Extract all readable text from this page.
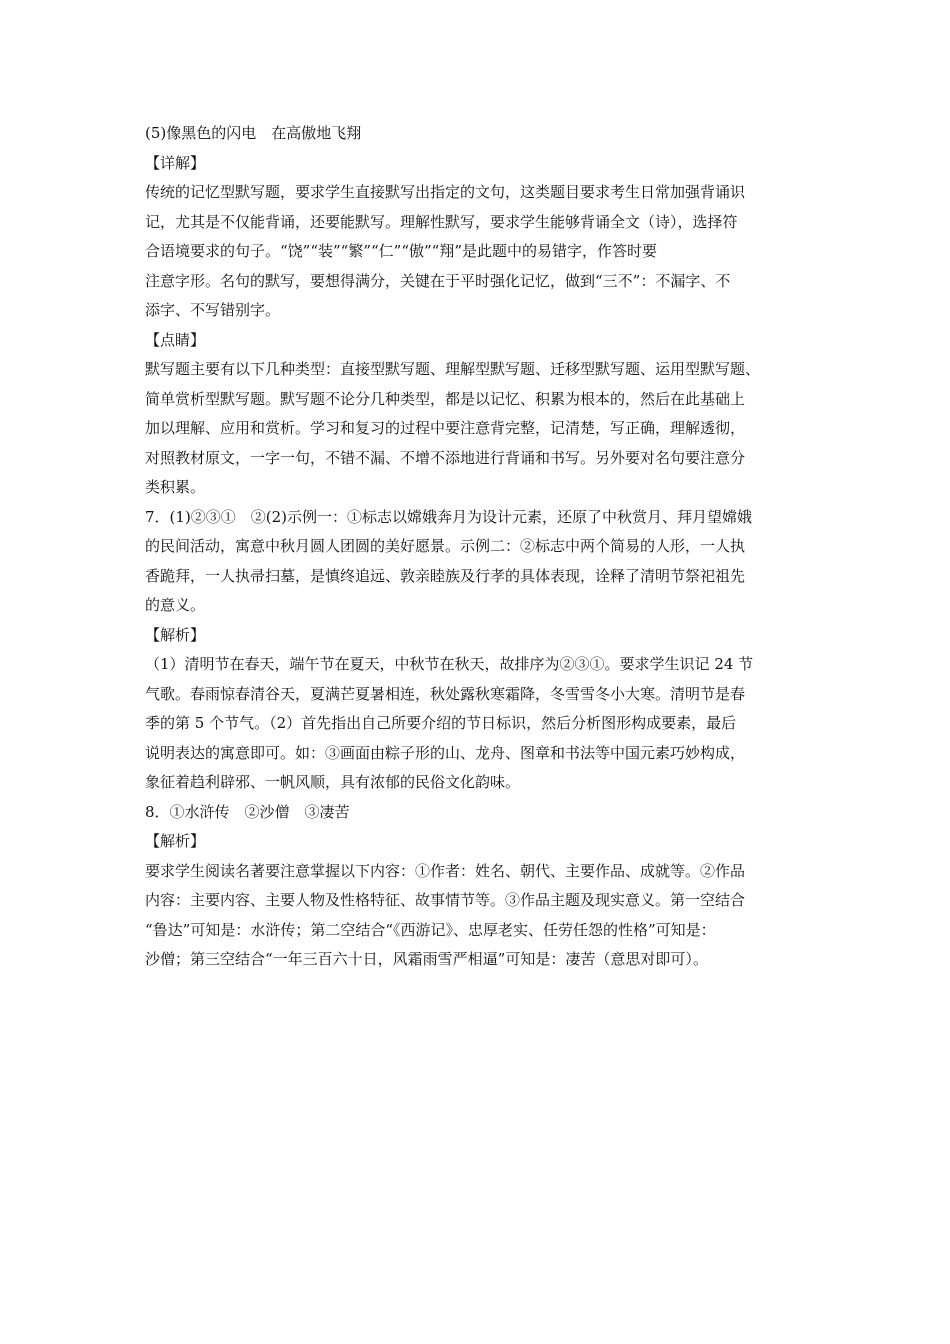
(5)像黑色的闪电　在高傲地飞翔
【详解】
传统的记忆型默写题，要求学生直接默写出指定的文句，这类题目要求考生日常加强背诵识
记，尤其是不仅能背诵，还要能默写。理解性默写，要求学生能够背诵全文（诗），选择符
合语境要求的句子。“饶”“装”“繁”“仁”“傲”“翔”是此题中的易错字，作答时要
注意字形。名句的默写，要想得满分，关键在于平时强化记忆，做到“三不”：不漏字、不
添字、不写错别字。
【点睛】
默写题主要有以下几种类型：直接型默写题、理解型默写题、迁移型默写题、运用型默写题、
简单赏析型默写题。默写题不论分几种类型，都是以记忆、积累为根本的，然后在此基础上
加以理解、应用和赏析。学习和复习的过程中要注意背完整，记清楚，写正确，理解透彻，
对照教材原文，一字一句，不错不漏、不增不添地进行背诵和书写。另外要对名句要注意分
类积累。
7．(1)②③①　②(2)示例一：①标志以嫦娥奔月为设计元素，还原了中秋赏月、拜月望嫦娥
的民间活动，寓意中秋月圆人团圆的美好愿景。示例二：②标志中两个简易的人形，一人执
香跪拜，一人执帚扫墓，是慎终追远、敦亲睦族及行孝的具体表现，诠释了清明节祭祀祖先
的意义。
【解析】
（1）清明节在春天，端午节在夏天，中秋节在秋天，故排序为②③①。要求学生识记 24 节
气歌。春雨惊春清谷天，夏满芒夏暑相连，秋处露秋寒霜降，冬雪雪冬小大寒。清明节是春
季的第 5 个节气。（2）首先指出自己所要介绍的节日标识，然后分析图形构成要素，最后
说明表达的寓意即可。如：③画面由粽子形的山、龙舟、图章和书法等中国元素巧妙构成，
象征着趋利辟邪、一帆风顺，具有浓郁的民俗文化韵味。
8．①水浒传　②沙僧　③凄苦
【解析】
要求学生阅读名著要注意掌握以下内容：①作者：姓名、朝代、主要作品、成就等。②作品
内容：主要内容、主要人物及性格特征、故事情节等。③作品主题及现实意义。第一空结合
“鲁达”可知是：水浒传；第二空结合“《西游记》、忠厚老实、任劳任怨的性格”可知是：
沙僧；第三空结合“一年三百六十日，风霜雨雪严相逼”可知是：凄苦（意思对即可）。
